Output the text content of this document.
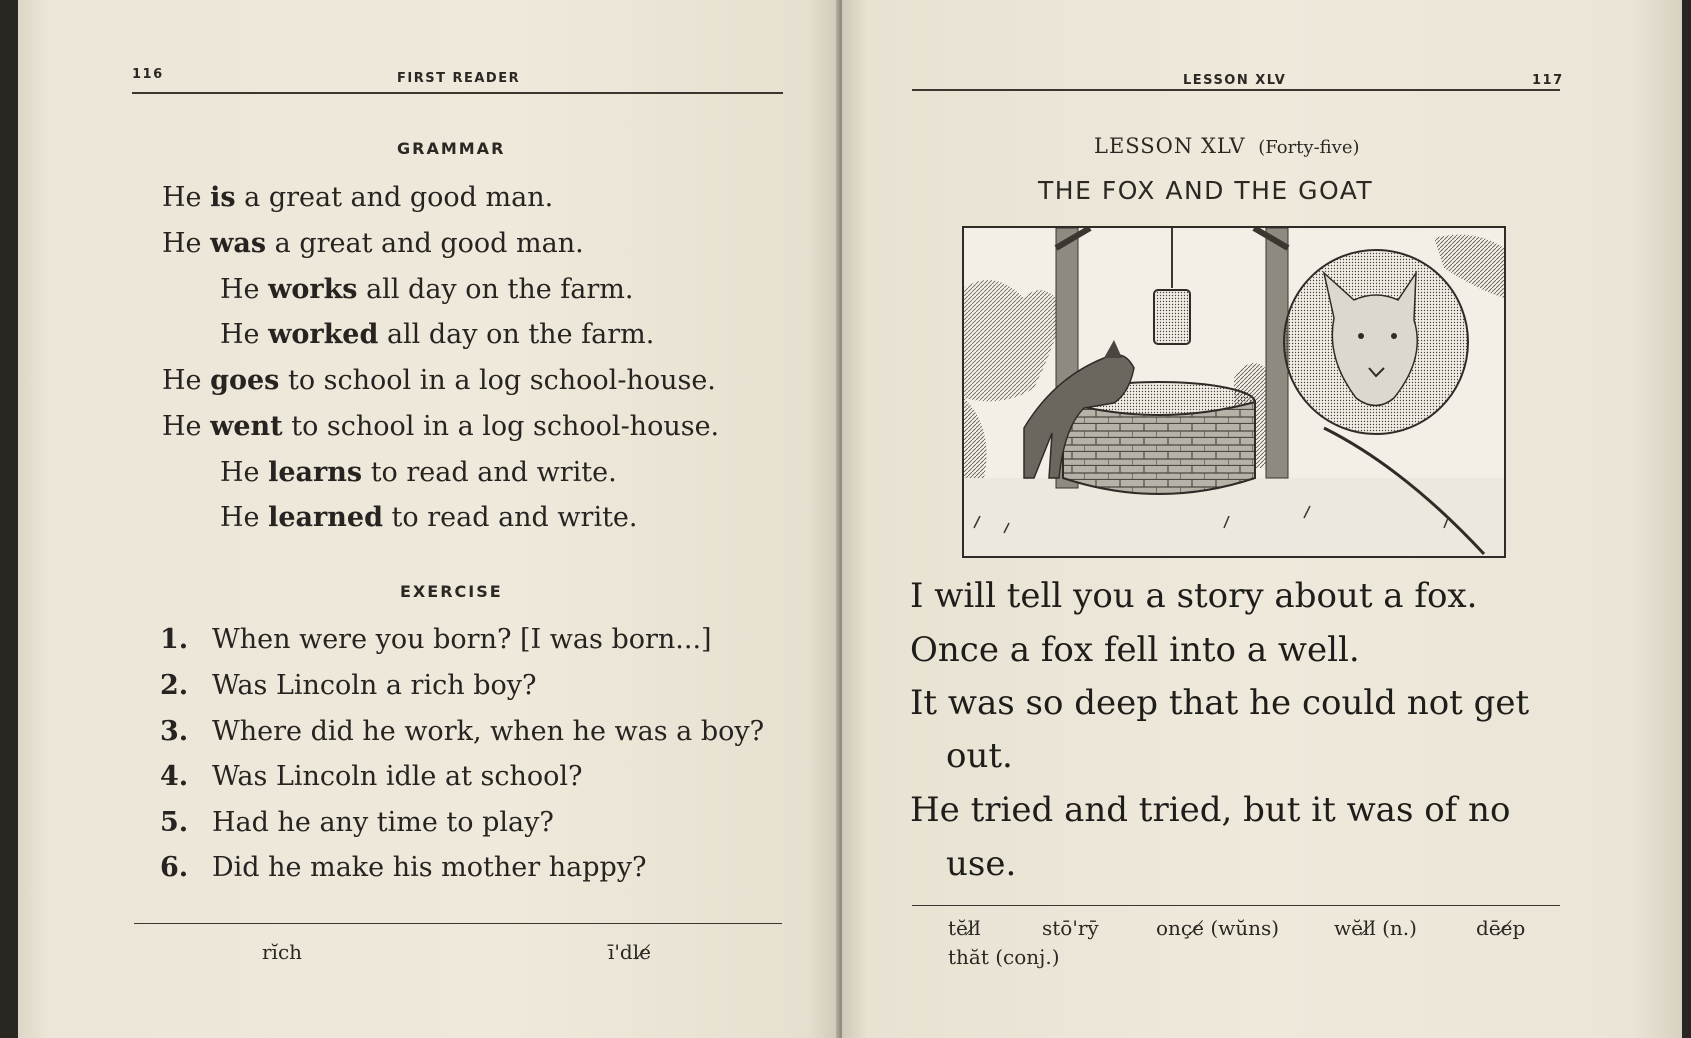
116	FIRST READER
GRAMMAR
He is a great and good man.
He was a great and good man.
He works all day on the farm.
He worked all day on the farm.
He goes to school in a log school-house.
He went to school in a log school-house.
He learns to read and write.
He learned to read and write.
EXERCISE
1. When were you born? [I was born...]
2. Was Lincoln a rich boy?
3. Where did he work, when he was a boy?
4. Was Lincoln idle at school?
5. Had he any time to play?
6. Did he make his mother happy?
rĭch	ī'dle̸
LESSON XLV	117
LESSON XLV (Forty-five)
THE FOX AND THE GOAT
I will tell you a story about a fox.
Once a fox fell into a well.
It was so deep that he could not get
out.
He tried and tried, but it was of no
use.
tĕll̸	stō'rȳ	onçe̸ (wŭns)	wĕll̸ (n.)	dēe̸p
thăt (conj.)
